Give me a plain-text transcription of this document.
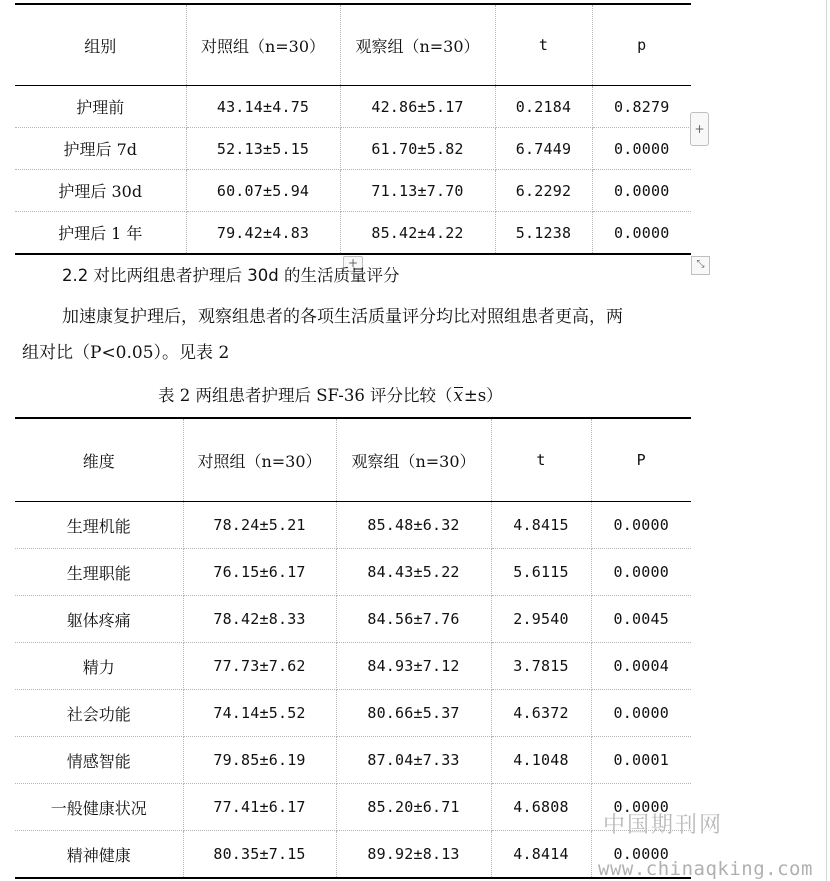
组别	对照组（n=30）	观察组（n=30）	t	p
护理前	43.14±4.75	42.86±5.17	0.2184	0.8279
护理后 7d	52.13±5.15	61.70±5.82	6.7449	0.0000
护理后 30d	60.07±5.94	71.13±7.70	6.2292	0.0000
护理后 1 年	79.42±4.83	85.42±4.22	5.1238	0.0000
+
+	⤡
2.2 对比两组患者护理后 30d 的生活质量评分
加速康复护理后，观察组患者的各项生活质量评分均比对照组患者更高，两
组对比（P<0.05）。见表 2
表 2 两组患者护理后 SF-36 评分比较（x±s）
维度	对照组（n=30）	观察组（n=30）	t	P
生理机能	78.24±5.21	85.48±6.32	4.8415	0.0000
生理职能	76.15±6.17	84.43±5.22	5.6115	0.0000
躯体疼痛	78.42±8.33	84.56±7.76	2.9540	0.0045
精力	77.73±7.62	84.93±7.12	3.7815	0.0004
社会功能	74.14±5.52	80.66±5.37	4.6372	0.0000
情感智能	79.85±6.19	87.04±7.33	4.1048	0.0001
一般健康状况	77.41±6.17	85.20±6.71	4.6808	0.0000
精神健康	80.35±7.15	89.92±8.13	4.8414	0.0000
中国期刊网
www.chinaqking.com
